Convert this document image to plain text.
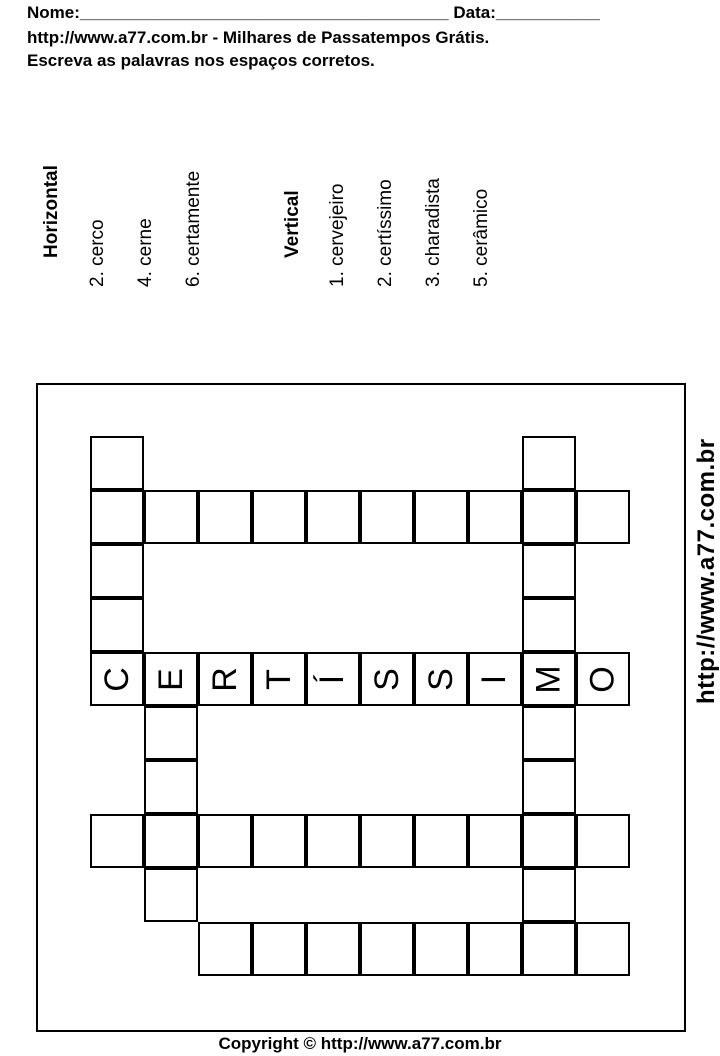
Nome:_______________________________________ Data:___________
http://www.a77.com.br - Milhares de Passatempos Grátis.
Escreva as palavras nos espaços corretos.
Horizontal 2. cerco 4. cerne 6. certamente	Vertical 1. cervejeiro 2. certíssimo 3. charadista 5. cerâmico
http://www.a77.com.br
C E R T Í S S I M O
Copyright © http://www.a77.com.br
